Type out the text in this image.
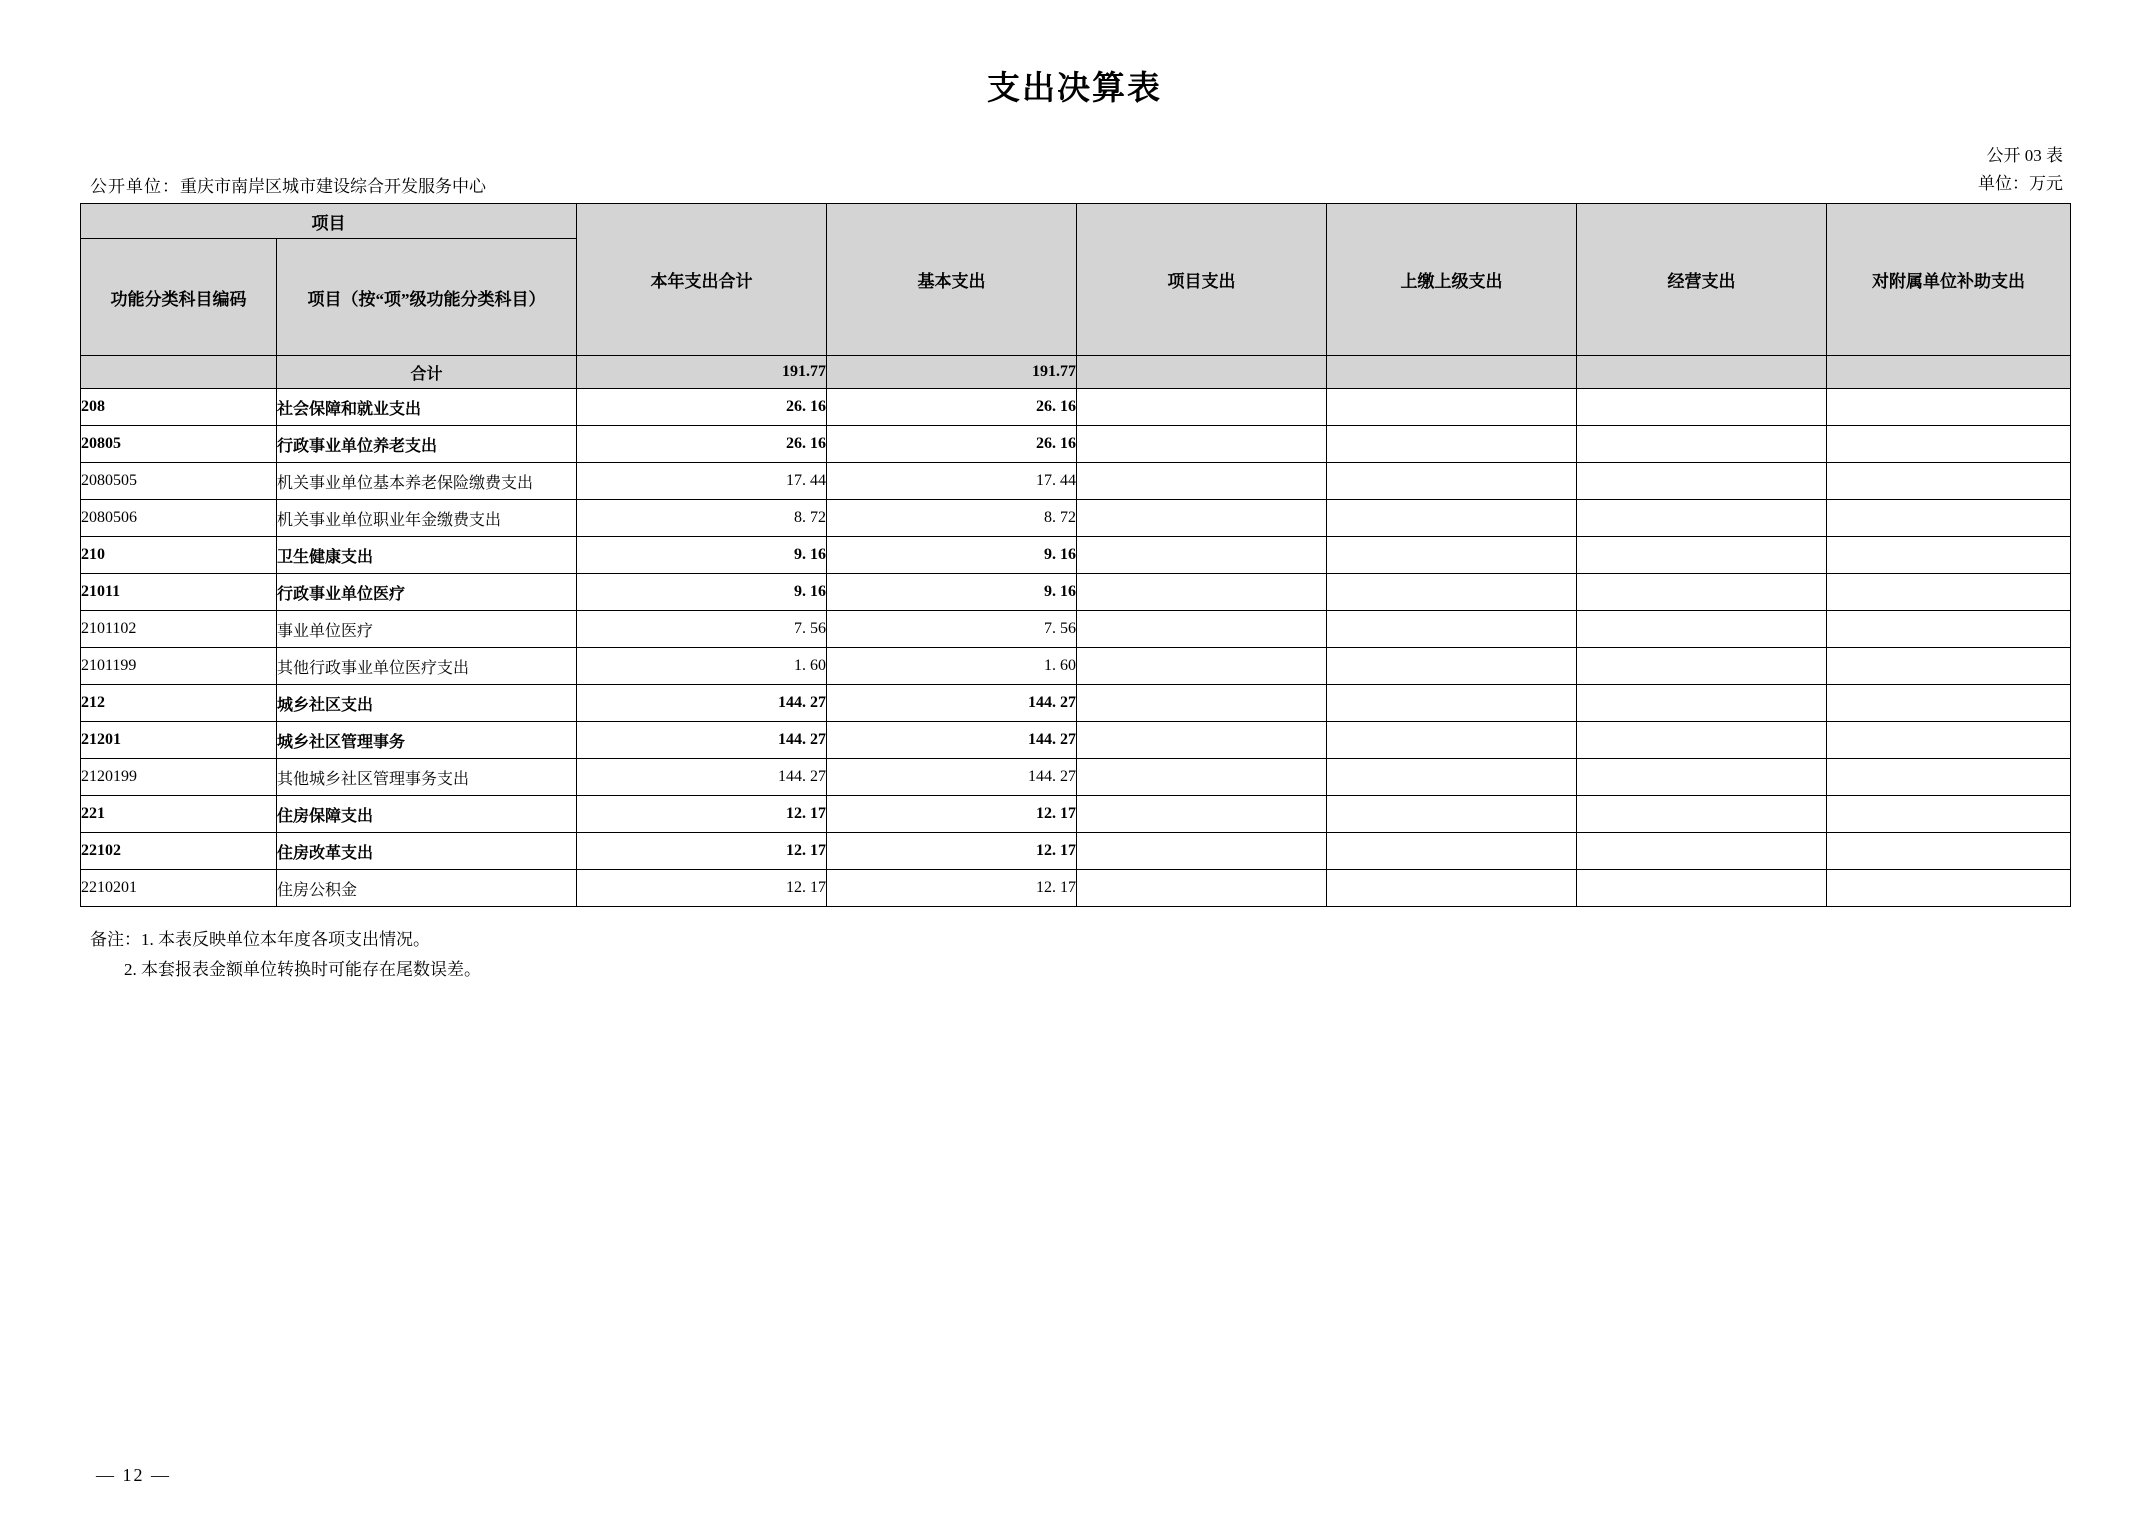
支出决算表
公开 03 表
单位：万元
公开单位：重庆市南岸区城市建设综合开发服务中心
项目		本年支出合计	基本支出	项目支出	上缴上级支出	经营支出	对附属单位补助支出
功能分类科目编码	项目（按“项”级功能分类科目）						
	合计	191.77	191.77				
208	社会保障和就业支出	26. 16	26. 16				
20805	行政事业单位养老支出	26. 16	26. 16				
2080505	机关事业单位基本养老保险缴费支出	17. 44	17. 44				
2080506	机关事业单位职业年金缴费支出	8. 72	8. 72				
210	卫生健康支出	9. 16	9. 16				
21011	行政事业单位医疗	9. 16	9. 16				
2101102	事业单位医疗	7. 56	7. 56				
2101199	其他行政事业单位医疗支出	1. 60	1. 60				
212	城乡社区支出	144. 27	144. 27				
21201	城乡社区管理事务	144. 27	144. 27				
2120199	其他城乡社区管理事务支出	144. 27	144. 27				
221	住房保障支出	12. 17	12. 17				
22102	住房改革支出	12. 17	12. 17				
2210201	住房公积金	12. 17	12. 17				
备注：1. 本表反映单位本年度各项支出情况。
2. 本套报表金额单位转换时可能存在尾数误差。
— 12 —
